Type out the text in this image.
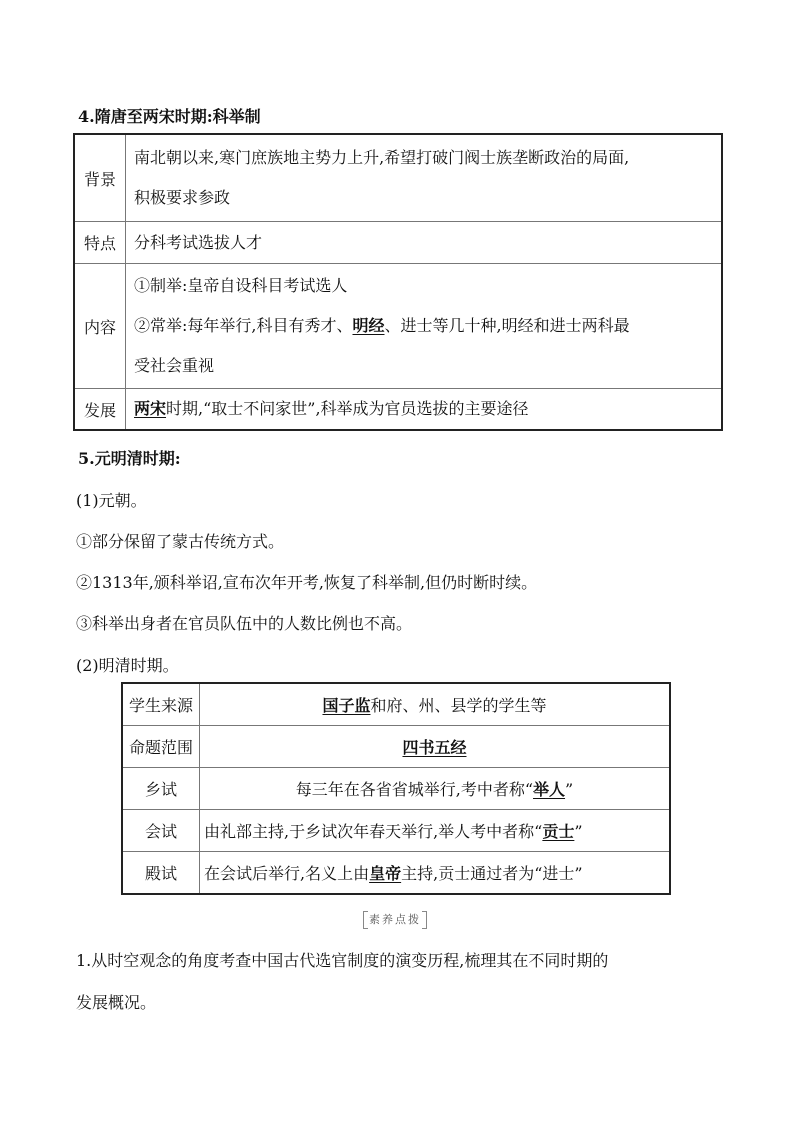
4.隋唐至两宋时期:科举制
背景	南北朝以来,寒门庶族地主势力上升,希望打破门阀士族垄断政治的局面,
积极要求参政

特点	分科考试选拔人才

内容	①制举:皇帝自设科目考试选人
②常举:每年举行,科目有秀才、明经、进士等几十种,明经和进士两科最
受社会重视

发展	两宋时期,“取士不问家世”,科举成为官员选拔的主要途径
5.元明清时期:
(1)元朝。
①部分保留了蒙古传统方式。
②1313年,颁科举诏,宣布次年开考,恢复了科举制,但仍时断时续。
③科举出身者在官员队伍中的人数比例也不高。
(2)明清时期。
学生来源	国子监和府、州、县学的学生等
命题范围	四书五经
乡试	每三年在各省省城举行,考中者称“举人”
会试	由礼部主持,于乡试次年春天举行,举人考中者称“贡士”
殿试	在会试后举行,名义上由皇帝主持,贡士通过者为“进士”
素养点拨
1.从时空观念的角度考查中国古代选官制度的演变历程,梳理其在不同时期的
发展概况。
